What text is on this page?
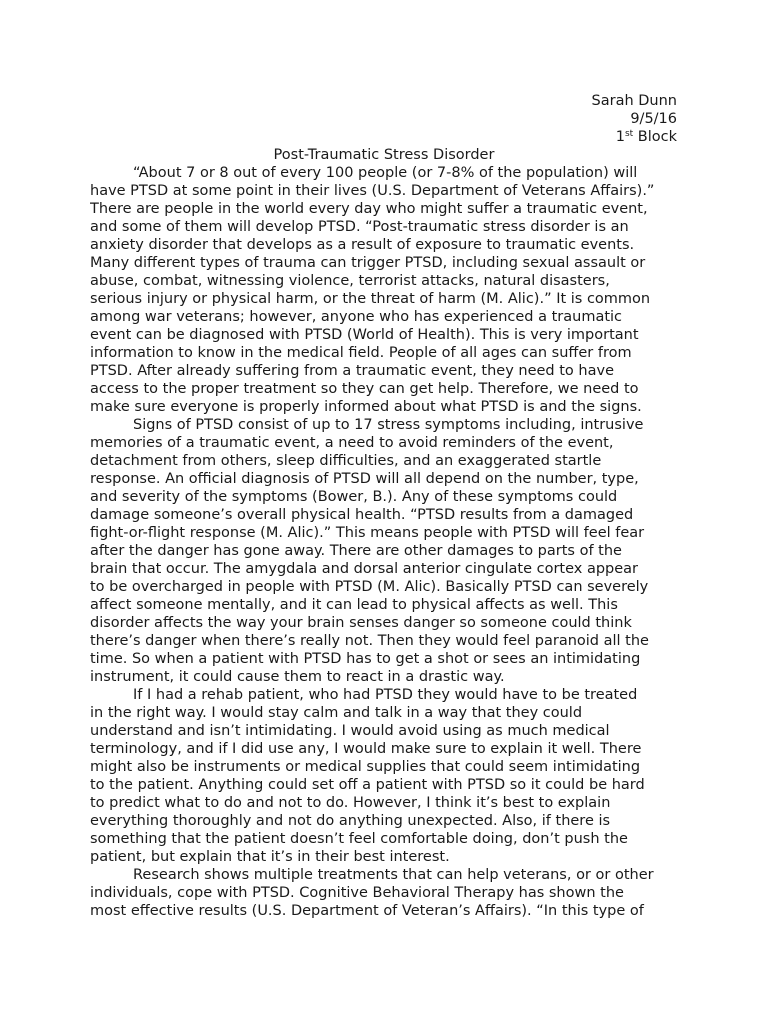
Sarah Dunn
9/5/16
1st Block
Post-Traumatic Stress Disorder
“About 7 or 8 out of every 100 people (or 7-8% of the population) will
have PTSD at some point in their lives (U.S. Department of Veterans Affairs).”
There are people in the world every day who might suffer a traumatic event,
and some of them will develop PTSD. “Post-traumatic stress disorder is an
anxiety disorder that develops as a result of exposure to traumatic events.
Many different types of trauma can trigger PTSD, including sexual assault or
abuse, combat, witnessing violence, terrorist attacks, natural disasters,
serious injury or physical harm, or the threat of harm (M. Alic).” It is common
among war veterans; however, anyone who has experienced a traumatic
event can be diagnosed with PTSD (World of Health). This is very important
information to know in the medical field. People of all ages can suffer from
PTSD. After already suffering from a traumatic event, they need to have
access to the proper treatment so they can get help. Therefore, we need to
make sure everyone is properly informed about what PTSD is and the signs.
Signs of PTSD consist of up to 17 stress symptoms including, intrusive
memories of a traumatic event, a need to avoid reminders of the event,
detachment from others, sleep difficulties, and an exaggerated startle
response. An official diagnosis of PTSD will all depend on the number, type,
and severity of the symptoms (Bower, B.). Any of these symptoms could
damage someone’s overall physical health. “PTSD results from a damaged
fight-or-flight response (M. Alic).” This means people with PTSD will feel fear
after the danger has gone away. There are other damages to parts of the
brain that occur. The amygdala and dorsal anterior cingulate cortex appear
to be overcharged in people with PTSD (M. Alic). Basically PTSD can severely
affect someone mentally, and it can lead to physical affects as well. This
disorder affects the way your brain senses danger so someone could think
there’s danger when there’s really not. Then they would feel paranoid all the
time. So when a patient with PTSD has to get a shot or sees an intimidating
instrument, it could cause them to react in a drastic way.
If I had a rehab patient, who had PTSD they would have to be treated
in the right way. I would stay calm and talk in a way that they could
understand and isn’t intimidating. I would avoid using as much medical
terminology, and if I did use any, I would make sure to explain it well. There
might also be instruments or medical supplies that could seem intimidating
to the patient. Anything could set off a patient with PTSD so it could be hard
to predict what to do and not to do. However, I think it’s best to explain
everything thoroughly and not do anything unexpected. Also, if there is
something that the patient doesn’t feel comfortable doing, don’t push the
patient, but explain that it’s in their best interest.
Research shows multiple treatments that can help veterans, or or other
individuals, cope with PTSD. Cognitive Behavioral Therapy has shown the
most effective results (U.S. Department of Veteran’s Affairs). “In this type of
